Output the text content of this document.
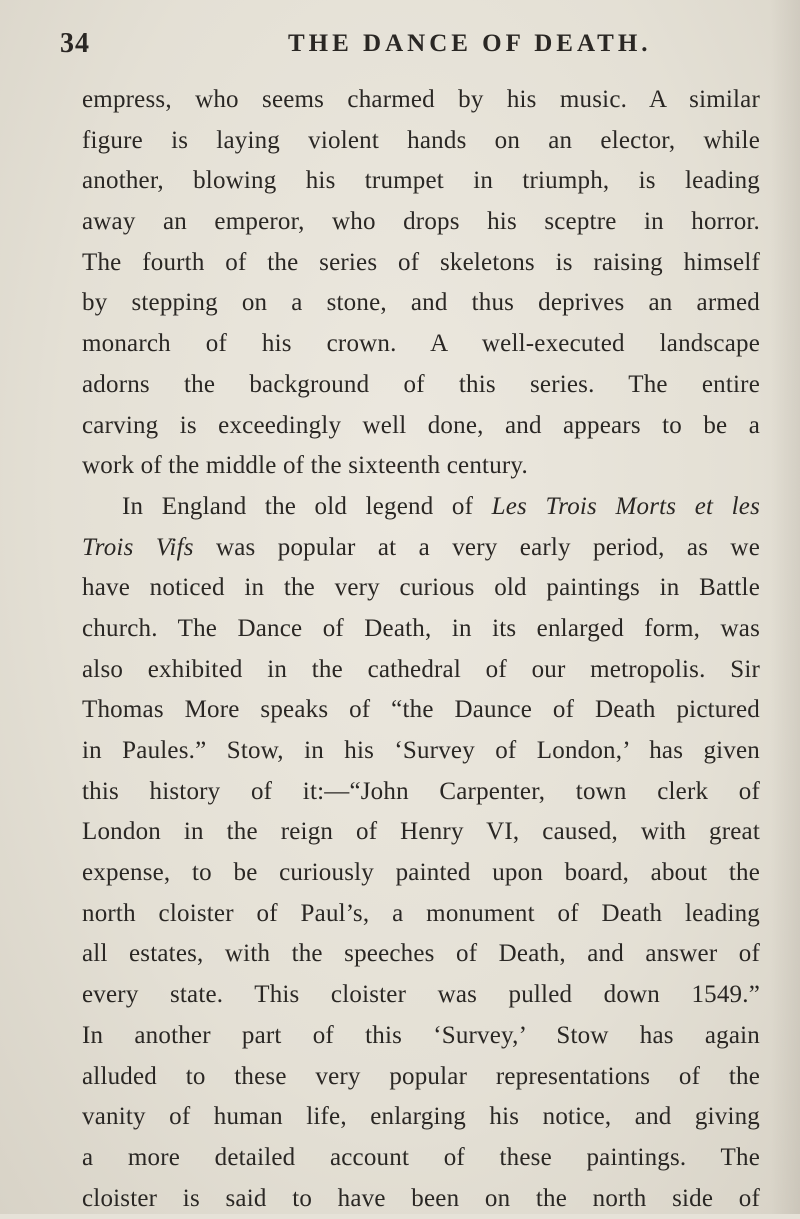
34	THE DANCE OF DEATH.
empress, who seems charmed by his music. A similar
figure is laying violent hands on an elector, while
another, blowing his trumpet in triumph, is leading
away an emperor, who drops his sceptre in horror.
The fourth of the series of skeletons is raising himself
by stepping on a stone, and thus deprives an armed
monarch of his crown. A well-executed landscape
adorns the background of this series. The entire
carving is exceedingly well done, and appears to be a
work of the middle of the sixteenth century.
In England the old legend of Les Trois Morts et les
Trois Vifs was popular at a very early period, as we
have noticed in the very curious old paintings in Battle
church. The Dance of Death, in its enlarged form, was
also exhibited in the cathedral of our metropolis. Sir
Thomas More speaks of “the Daunce of Death pictured
in Paules.” Stow, in his ‘Survey of London,’ has given
this history of it:—“John Carpenter, town clerk of
London in the reign of Henry VI, caused, with great
expense, to be curiously painted upon board, about the
north cloister of Paul’s, a monument of Death leading
all estates, with the speeches of Death, and answer of
every state. This cloister was pulled down 1549.”
In another part of this ‘Survey,’ Stow has again
alluded to these very popular representations of the
vanity of human life, enlarging his notice, and giving
a more detailed account of these paintings. The
cloister is said to have been on the north side of
